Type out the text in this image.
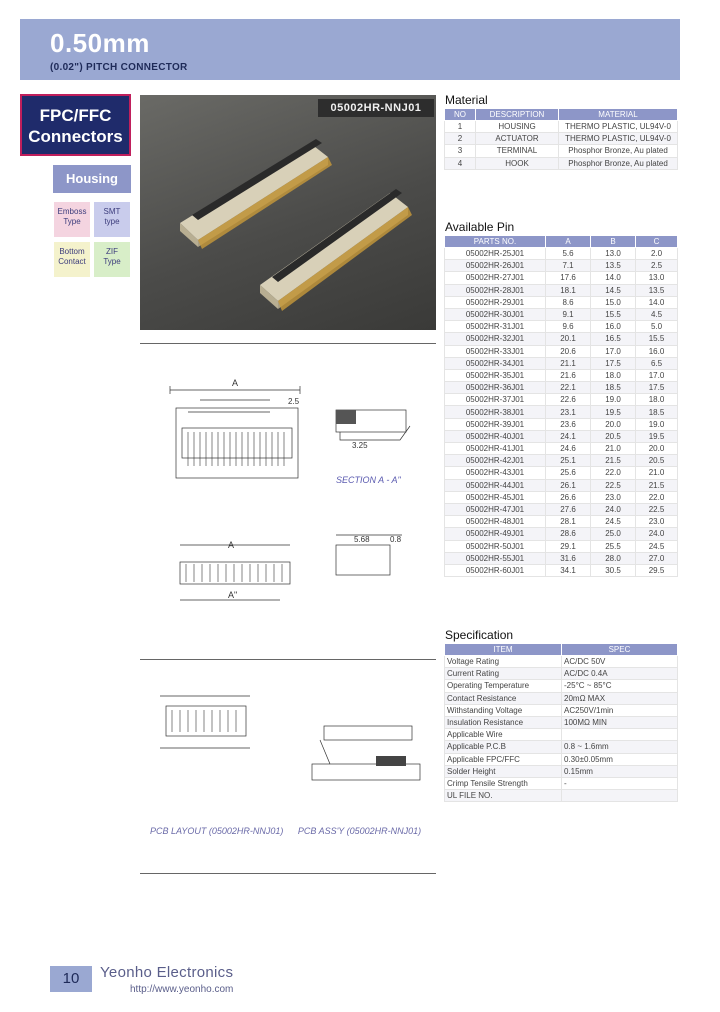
0.50mm
(0.02") PITCH CONNECTOR
FPC/FFC
Connectors
Housing
Emboss
Type
SMT
type
Bottom
Contact
ZIF
Type
05002HR-NNJ01
A
2.5
3.25
SECTION A - A"
A
A"
5.68	0.8
PCB LAYOUT (05002HR-NNJ01) PCB ASS'Y (05002HR-NNJ01)
Material
NO	DESCRIPTION	MATERIAL
1	HOUSING	THERMO PLASTIC, UL94V-0
2	ACTUATOR	THERMO PLASTIC, UL94V-0
3	TERMINAL	Phosphor Bronze, Au plated
4	HOOK	Phosphor Bronze, Au plated
Available Pin
PARTS NO.	A	B	C
05002HR-25J01	5.6	13.0	2.0
05002HR-26J01	7.1	13.5	2.5
05002HR-27J01	17.6	14.0	13.0
05002HR-28J01	18.1	14.5	13.5
05002HR-29J01	8.6	15.0	14.0
05002HR-30J01	9.1	15.5	4.5
05002HR-31J01	9.6	16.0	5.0
05002HR-32J01	20.1	16.5	15.5
05002HR-33J01	20.6	17.0	16.0
05002HR-34J01	21.1	17.5	6.5
05002HR-35J01	21.6	18.0	17.0
05002HR-36J01	22.1	18.5	17.5
05002HR-37J01	22.6	19.0	18.0
05002HR-38J01	23.1	19.5	18.5
05002HR-39J01	23.6	20.0	19.0
05002HR-40J01	24.1	20.5	19.5
05002HR-41J01	24.6	21.0	20.0
05002HR-42J01	25.1	21.5	20.5
05002HR-43J01	25.6	22.0	21.0
05002HR-44J01	26.1	22.5	21.5
05002HR-45J01	26.6	23.0	22.0
05002HR-47J01	27.6	24.0	22.5
05002HR-48J01	28.1	24.5	23.0
05002HR-49J01	28.6	25.0	24.0
05002HR-50J01	29.1	25.5	24.5
05002HR-55J01	31.6	28.0	27.0
05002HR-60J01	34.1	30.5	29.5
Specification
ITEM	SPEC
Voltage Rating	AC/DC 50V
Current Rating	AC/DC 0.4A
Operating Temperature	-25°C ~ 85°C
Contact Resistance	20mΩ MAX
Withstanding Voltage	AC250V/1min
Insulation Resistance	100MΩ MIN
Applicable Wire	
Applicable P.C.B	0.8 ~ 1.6mm
Applicable FPC/FFC	0.30±0.05mm
Solder Height	0.15mm
Crimp Tensile Strength	-
UL FILE NO.	
10	Yeonho Electronics
http://www.yeonho.com
